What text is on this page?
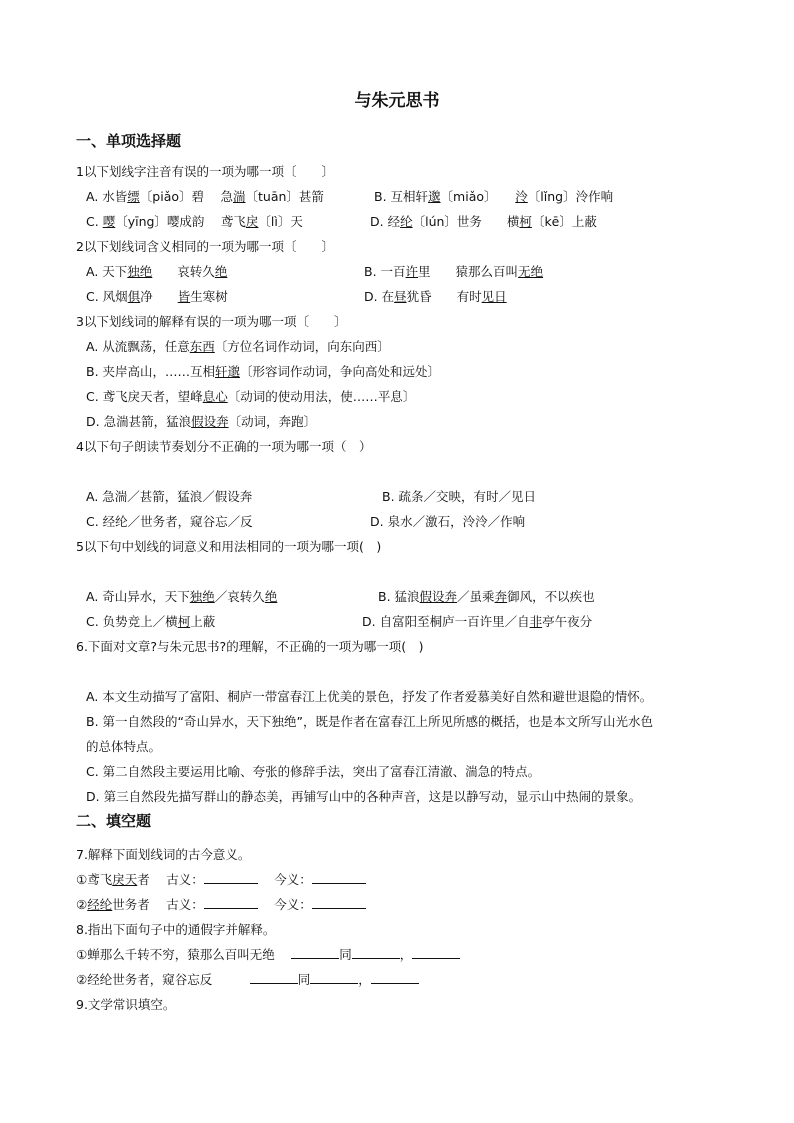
与朱元思书
一、单项选择题
1以下划线字注音有误的一项为哪一项〔　　〕
A. 水皆缥〔piǎo〕碧　 急湍〔tuān〕甚箭	B. 互相轩邈〔miǎo〕　　泠〔lǐng〕泠作响
C. 嘤〔yīng〕嘤成韵　 鸢飞戾〔lì〕天	D. 经纶〔lún〕世务　　横柯〔kē〕上蔽
2以下划线词含义相同的一项为哪一项〔　　〕
A. 天下独绝　　哀转久绝	B. 一百许里　　猿那么百叫无绝
C. 风烟俱净　　皆生寒树	D. 在昼犹昏　　有时见日
3以下划线词的解释有误的一项为哪一项〔　　〕
A. 从流飘荡，任意东西〔方位名词作动词，向东向西〕
B. 夹岸高山，……互相轩邈〔形容词作动词，争向高处和远处〕
C. 鸢飞戾天者，望峰息心〔动词的使动用法，使……平息〕
D. 急湍甚箭，猛浪假设奔〔动词，奔跑〕
4以下句子朗读节奏划分不正确的一项为哪一项（　）
A. 急湍／甚箭，猛浪／假设奔	B. 疏条／交映，有时／见日
C. 经纶／世务者，窥谷忘／反	D. 泉水／激石，泠泠／作响
5以下句中划线的词意义和用法相同的一项为哪一项(　)
A. 奇山异水，天下独绝／哀转久绝	B. 猛浪假设奔／虽乘奔御风，不以疾也
C. 负势竞上／横柯上蔽	D. 自富阳至桐庐一百许里／自非亭午夜分
6.下面对文章?与朱元思书?的理解，不正确的一项为哪一项(　)
A. 本文生动描写了富阳、桐庐一带富春江上优美的景色，抒发了作者爱慕美好自然和避世退隐的情怀。
B. 第一自然段的“奇山异水，天下独绝”，既是作者在富春江上所见所感的概括，也是本文所写山光水色
的总体特点。
C. 第二自然段主要运用比喻、夸张的修辞手法，突出了富春江清澈、湍急的特点。
D. 第三自然段先描写群山的静态美，再铺写山中的各种声音，这是以静写动，显示山中热闹的景象。
二、填空题
7.解释下面划线词的古今意义。
①鸢飞戾天者　 古义：	　 今义：
②经纶世务者　 古义：	　 今义：
8.指出下面句子中的通假字并解释。
①蝉那么千转不穷，猿那么百叫无绝　	同	，
②经纶世务者，窥谷忘反　　　	同	，
9.文学常识填空。
